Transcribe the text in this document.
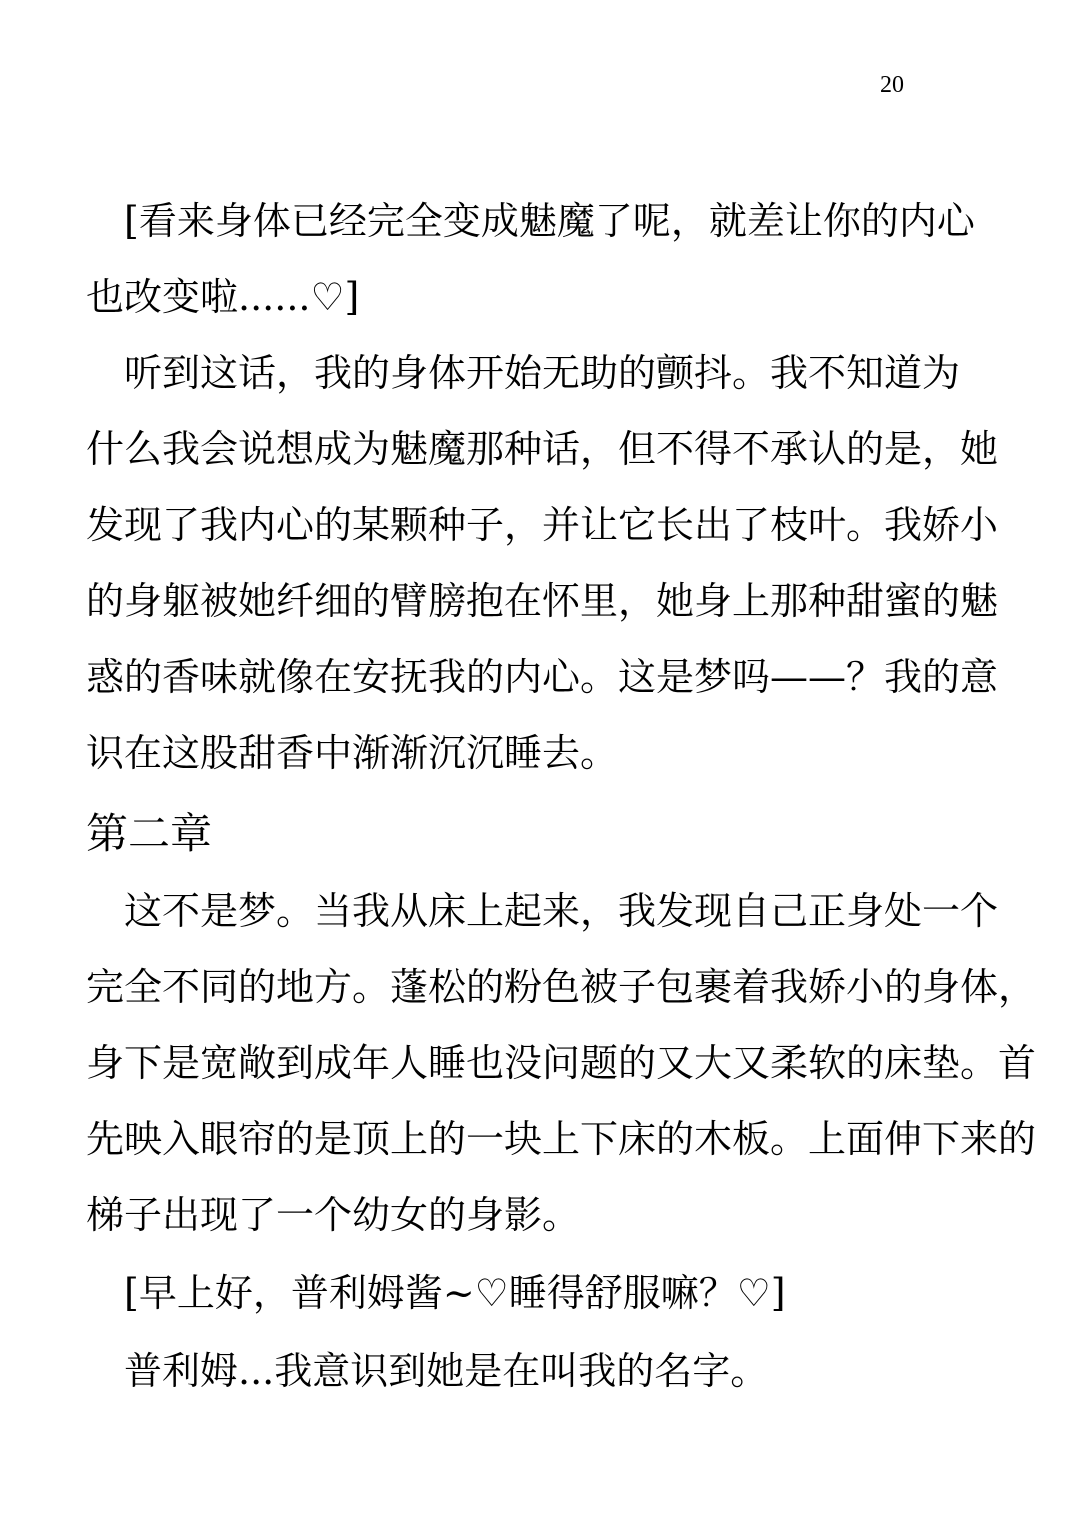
20
[看来身体已经完全变成魅魔了呢，就差让你的内心
也改变啦......♡]
听到这话，我的身体开始无助的颤抖。我不知道为
什么我会说想成为魅魔那种话，但不得不承认的是，她
发现了我内心的某颗种子，并让它长出了枝叶。我娇小
的身躯被她纤细的臂膀抱在怀里，她身上那种甜蜜的魅
惑的香味就像在安抚我的内心。这是梦吗——？我的意
识在这股甜香中渐渐沉沉睡去。
第二章
这不是梦。当我从床上起来，我发现自己正身处一个
完全不同的地方。蓬松的粉色被子包裹着我娇小的身体，
身下是宽敞到成年人睡也没问题的又大又柔软的床垫。首
先映入眼帘的是顶上的一块上下床的木板。上面伸下来的
梯子出现了一个幼女的身影。
[早上好，普利姆酱~♡睡得舒服嘛？♡]
普利姆...我意识到她是在叫我的名字。
